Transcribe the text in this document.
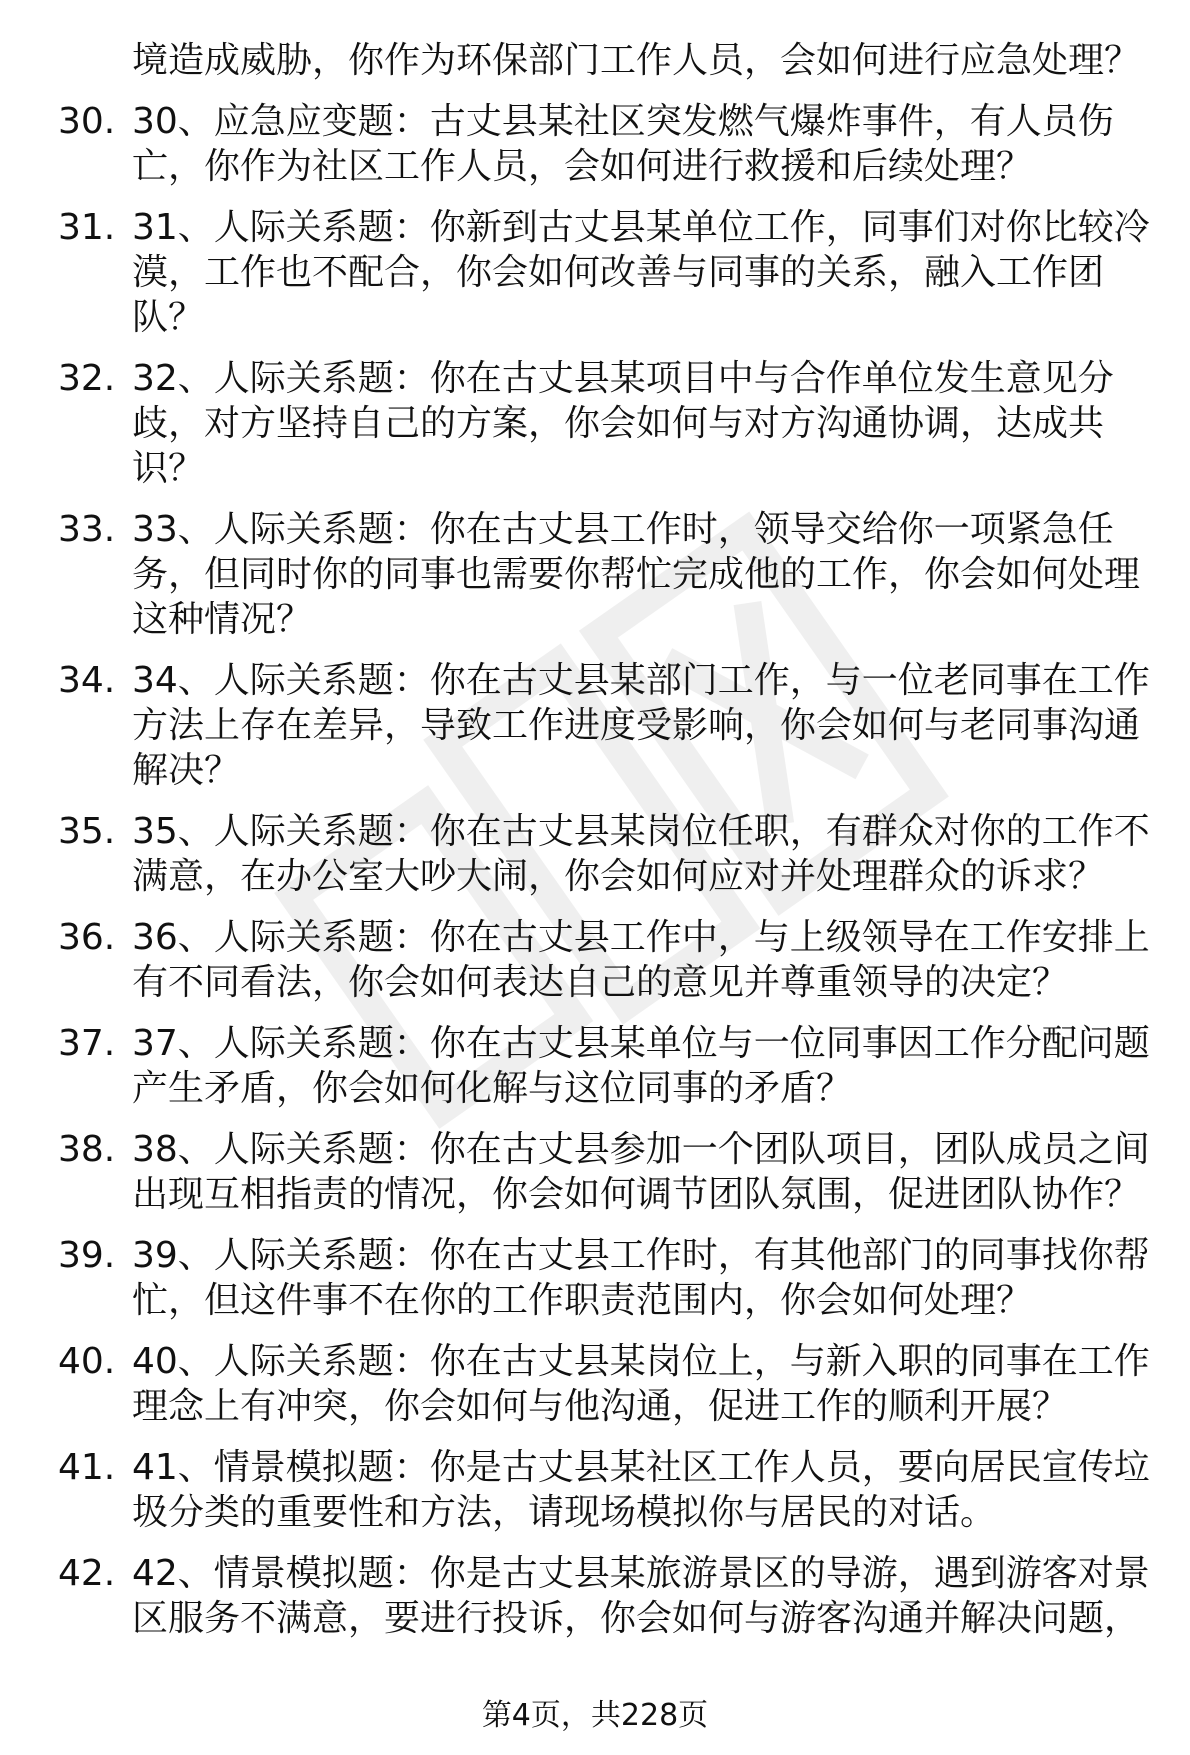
境造成威胁，你作为环保部门工作人员，会如何进行应急处理？
30. 30、应急应变题：古丈县某社区突发燃气爆炸事件，有人员伤亡，你作为社区工作人员，会如何进行救援和后续处理？
31. 31、人际关系题：你新到古丈县某单位工作，同事们对你比较冷漠，工作也不配合，你会如何改善与同事的关系，融入工作团队？
32. 32、人际关系题：你在古丈县某项目中与合作单位发生意见分歧，对方坚持自己的方案，你会如何与对方沟通协调，达成共识？
33. 33、人际关系题：你在古丈县工作时，领导交给你一项紧急任务，但同时你的同事也需要你帮忙完成他的工作，你会如何处理这种情况？
34. 34、人际关系题：你在古丈县某部门工作，与一位老同事在工作方法上存在差异，导致工作进度受影响，你会如何与老同事沟通解决？
35. 35、人际关系题：你在古丈县某岗位任职，有群众对你的工作不满意，在办公室大吵大闹，你会如何应对并处理群众的诉求？
36. 36、人际关系题：你在古丈县工作中，与上级领导在工作安排上有不同看法，你会如何表达自己的意见并尊重领导的决定？
37. 37、人际关系题：你在古丈县某单位与一位同事因工作分配问题产生矛盾，你会如何化解与这位同事的矛盾？
38. 38、人际关系题：你在古丈县参加一个团队项目，团队成员之间出现互相指责的情况，你会如何调节团队氛围，促进团队协作？
39. 39、人际关系题：你在古丈县工作时，有其他部门的同事找你帮忙，但这件事不在你的工作职责范围内，你会如何处理？
40. 40、人际关系题：你在古丈县某岗位上，与新入职的同事在工作理念上有冲突，你会如何与他沟通，促进工作的顺利开展？
41. 41、情景模拟题：你是古丈县某社区工作人员，要向居民宣传垃圾分类的重要性和方法，请现场模拟你与居民的对话。
42. 42、情景模拟题：你是古丈县某旅游景区的导游，遇到游客对景区服务不满意，要进行投诉，你会如何与游客沟通并解决问题，
第4页，共228页
